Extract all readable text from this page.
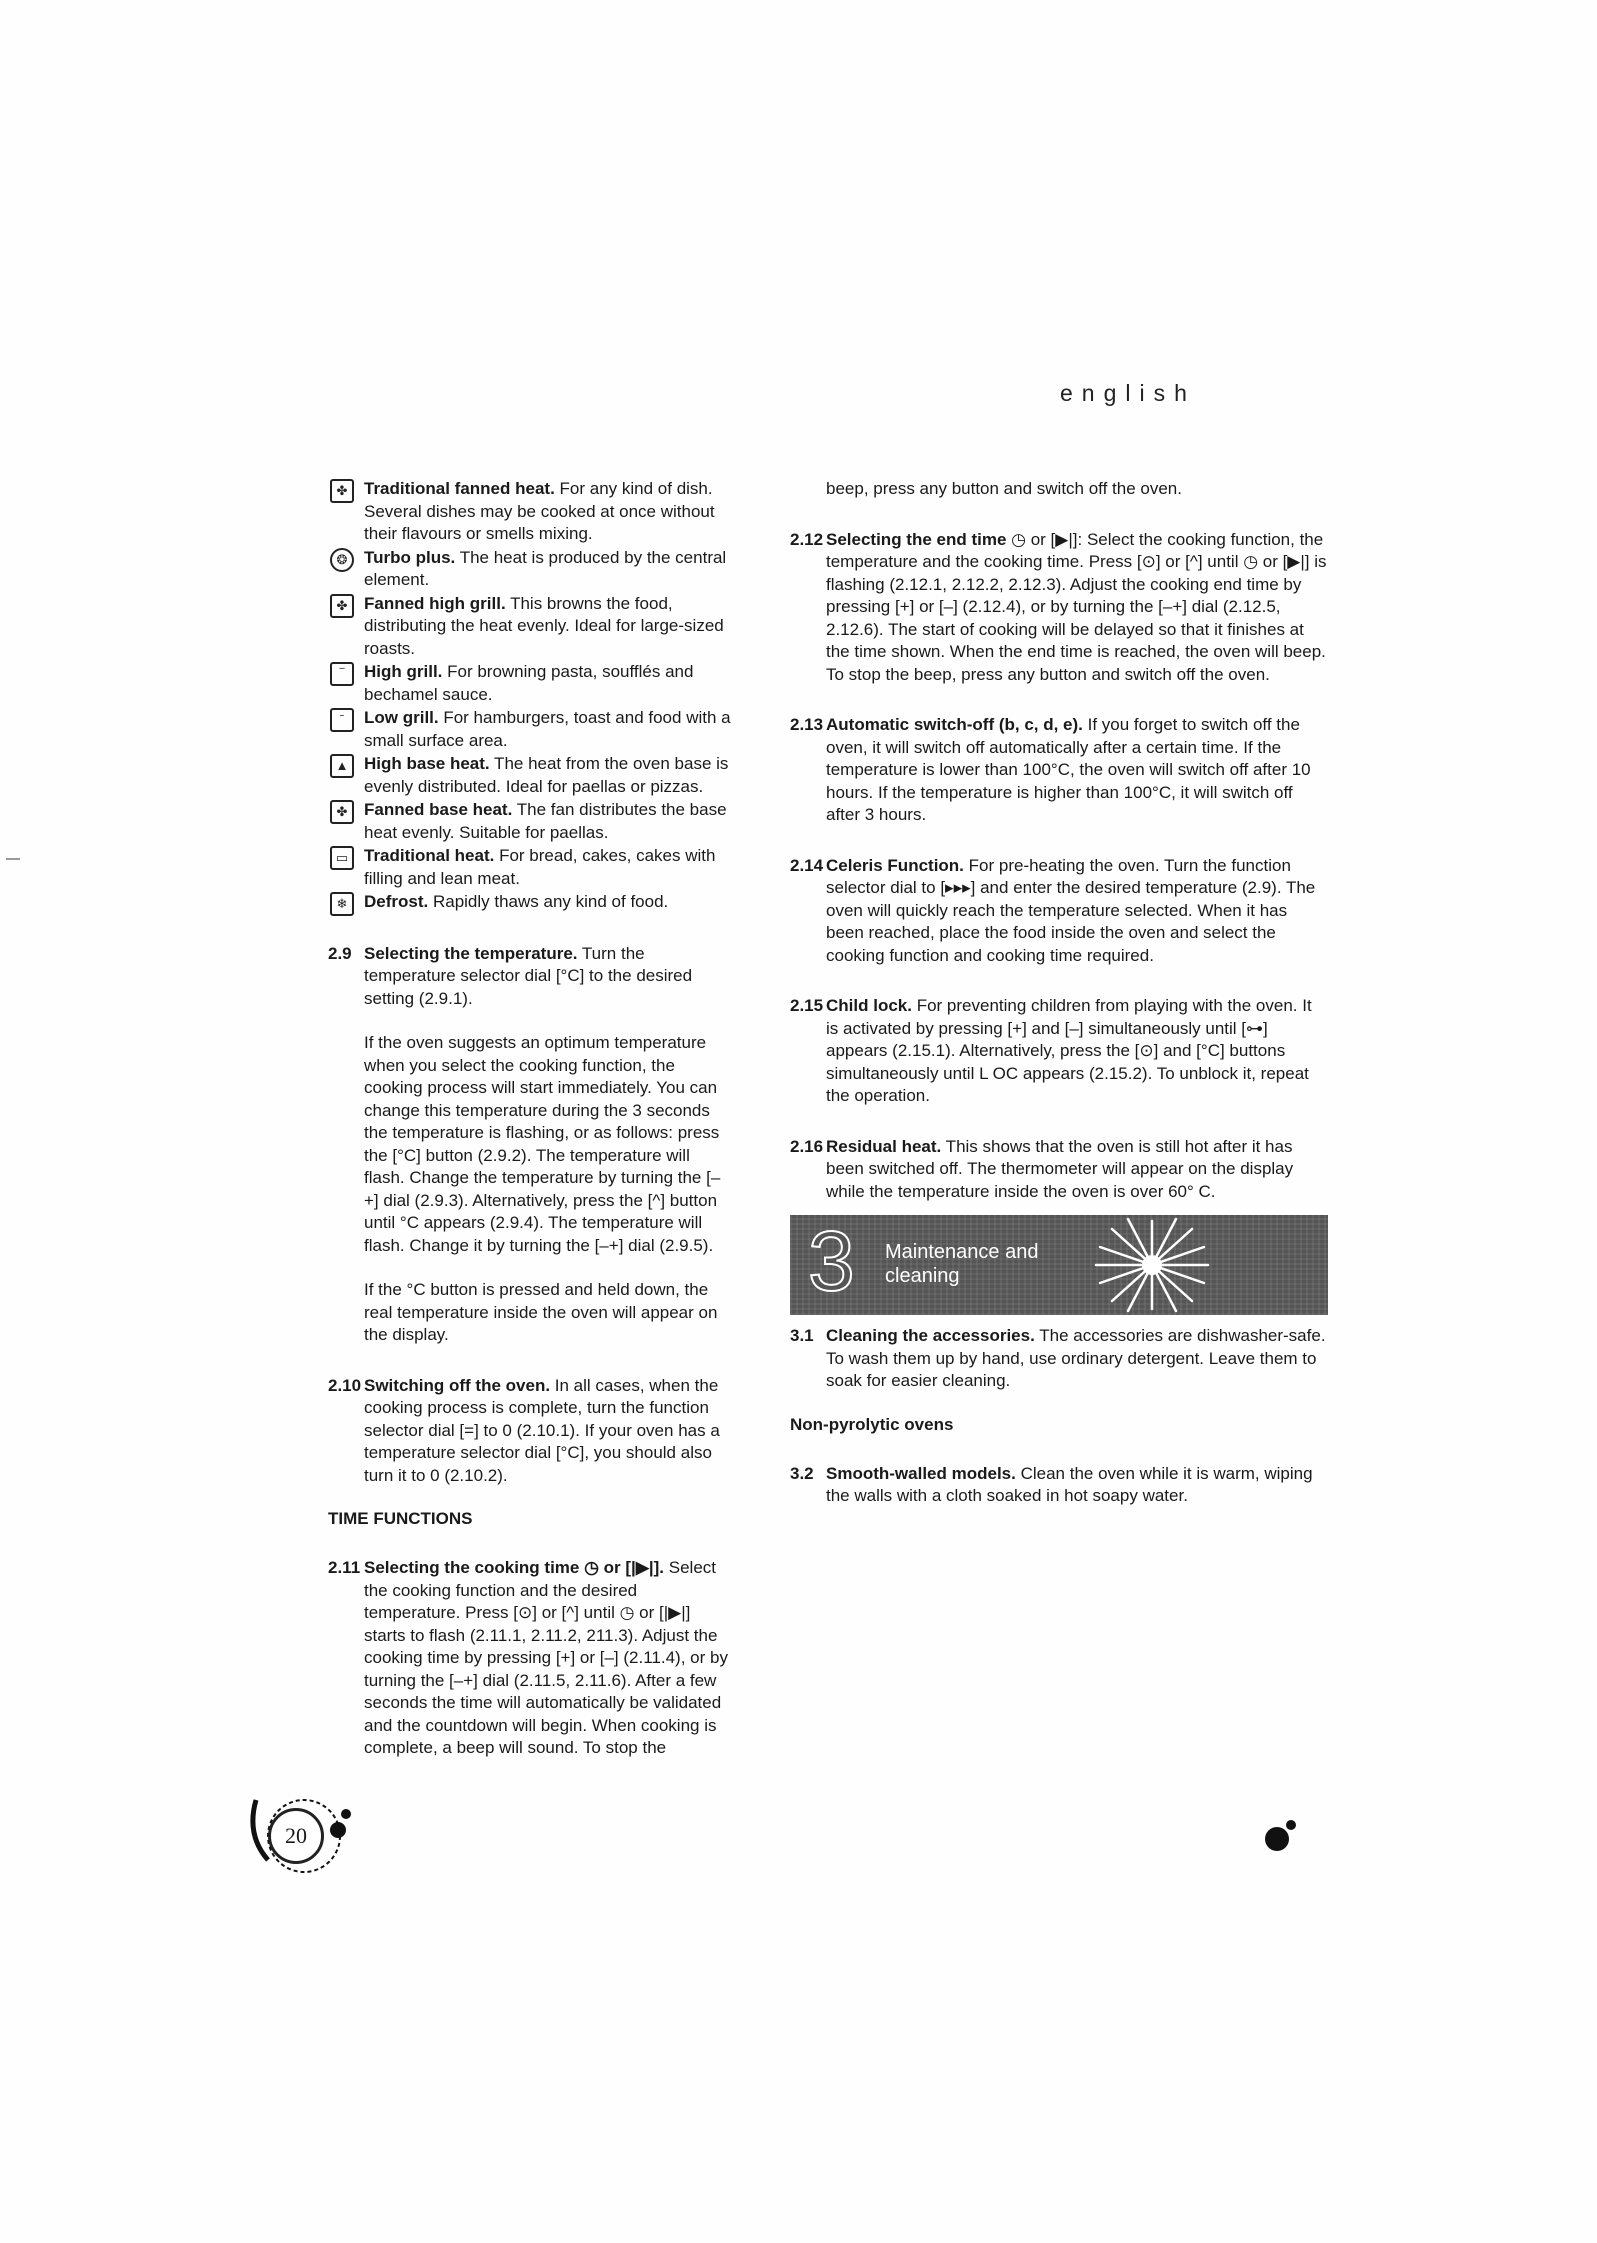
english
✤ Traditional fanned heat. For any kind of dish. Several dishes may be cooked at once without their flavours or smells mixing.
❂ Turbo plus. The heat is produced by the central element.
✤ Fanned high grill. This browns the food, distributing the heat evenly. Ideal for large-sized roasts.
‾	High grill. For browning pasta, soufflés and bechamel sauce.
ˉ	Low grill. For hamburgers, toast and food with a small surface area.
▲ High base heat. The heat from the oven base is evenly distributed. Ideal for paellas or pizzas.
✤ Fanned base heat. The fan distributes the base heat evenly. Suitable for paellas.
▭ Traditional heat. For bread, cakes, cakes with filling and lean meat.
❄ Defrost. Rapidly thaws any kind of food.
2.9 Selecting the temperature. Turn the temperature selector dial [°C] to the desired setting (2.9.1).
If the oven suggests an optimum temperature when you select the cooking function, the cooking process will start immediately. You can change this temperature during the 3 seconds the temperature is flashing, or as follows: press the [°C] button (2.9.2). The temperature will flash. Change the temperature by turning the [–+] dial (2.9.3). Alternatively, press the [^] button until °C appears (2.9.4). The temperature will flash. Change it by turning the [–+] dial (2.9.5).
If the °C button is pressed and held down, the real temperature inside the oven will appear on the display.
2.10 Switching off the oven. In all cases, when the cooking process is complete, turn the function selector dial [=] to 0 (2.10.1). If your oven has a temperature selector dial [°C], you should also turn it to 0 (2.10.2).
TIME FUNCTIONS
2.11 Selecting the cooking time ◷ or [|▶|]. Select the cooking function and the desired temperature. Press [⊙] or [^] until ◷ or [|▶|] starts to flash (2.11.1, 2.11.2, 211.3). Adjust the cooking time by pressing [+] or [–] (2.11.4), or by turning the [–+] dial (2.11.5, 2.11.6). After a few seconds the time will automatically be validated and the countdown will begin. When cooking is complete, a beep will sound. To stop the
beep, press any button and switch off the oven.
2.12 Selecting the end time ◷ or [▶|]: Select the cooking function, the temperature and the cooking time. Press [⊙] or [^] until ◷ or [▶|] is flashing (2.12.1, 2.12.2, 2.12.3). Adjust the cooking end time by pressing [+] or [–] (2.12.4), or by turning the [–+] dial (2.12.5, 2.12.6). The start of cooking will be delayed so that it finishes at the time shown. When the end time is reached, the oven will beep. To stop the beep, press any button and switch off the oven.
2.13 Automatic switch-off (b, c, d, e). If you forget to switch off the oven, it will switch off automatically after a certain time. If the temperature is lower than 100°C, the oven will switch off after 10 hours. If the temperature is higher than 100°C, it will switch off after 3 hours.
2.14 Celeris Function. For pre-heating the oven. Turn the function selector dial to [▸▸▸] and enter the desired temperature (2.9). The oven will quickly reach the temperature selected. When it has been reached, place the food inside the oven and select the cooking function and cooking time required.
2.15 Child lock. For preventing children from playing with the oven. It is activated by pressing [+] and [–] simultaneously until [⊶] appears (2.15.1). Alternatively, press the [⊙] and [°C] buttons simultaneously until L OC appears (2.15.2). To unblock it, repeat the operation.
2.16 Residual heat. This shows that the oven is still hot after it has been switched off. The thermometer will appear on the display while the temperature inside the oven is over 60° C.
3 Maintenance and
cleaning
3.1 Cleaning the accessories. The accessories are dishwasher-safe. To wash them up by hand, use ordinary detergent. Leave them to soak for easier cleaning.
Non-pyrolytic ovens
3.2 Smooth-walled models. Clean the oven while it is warm, wiping the walls with a cloth soaked in hot soapy water.
20
